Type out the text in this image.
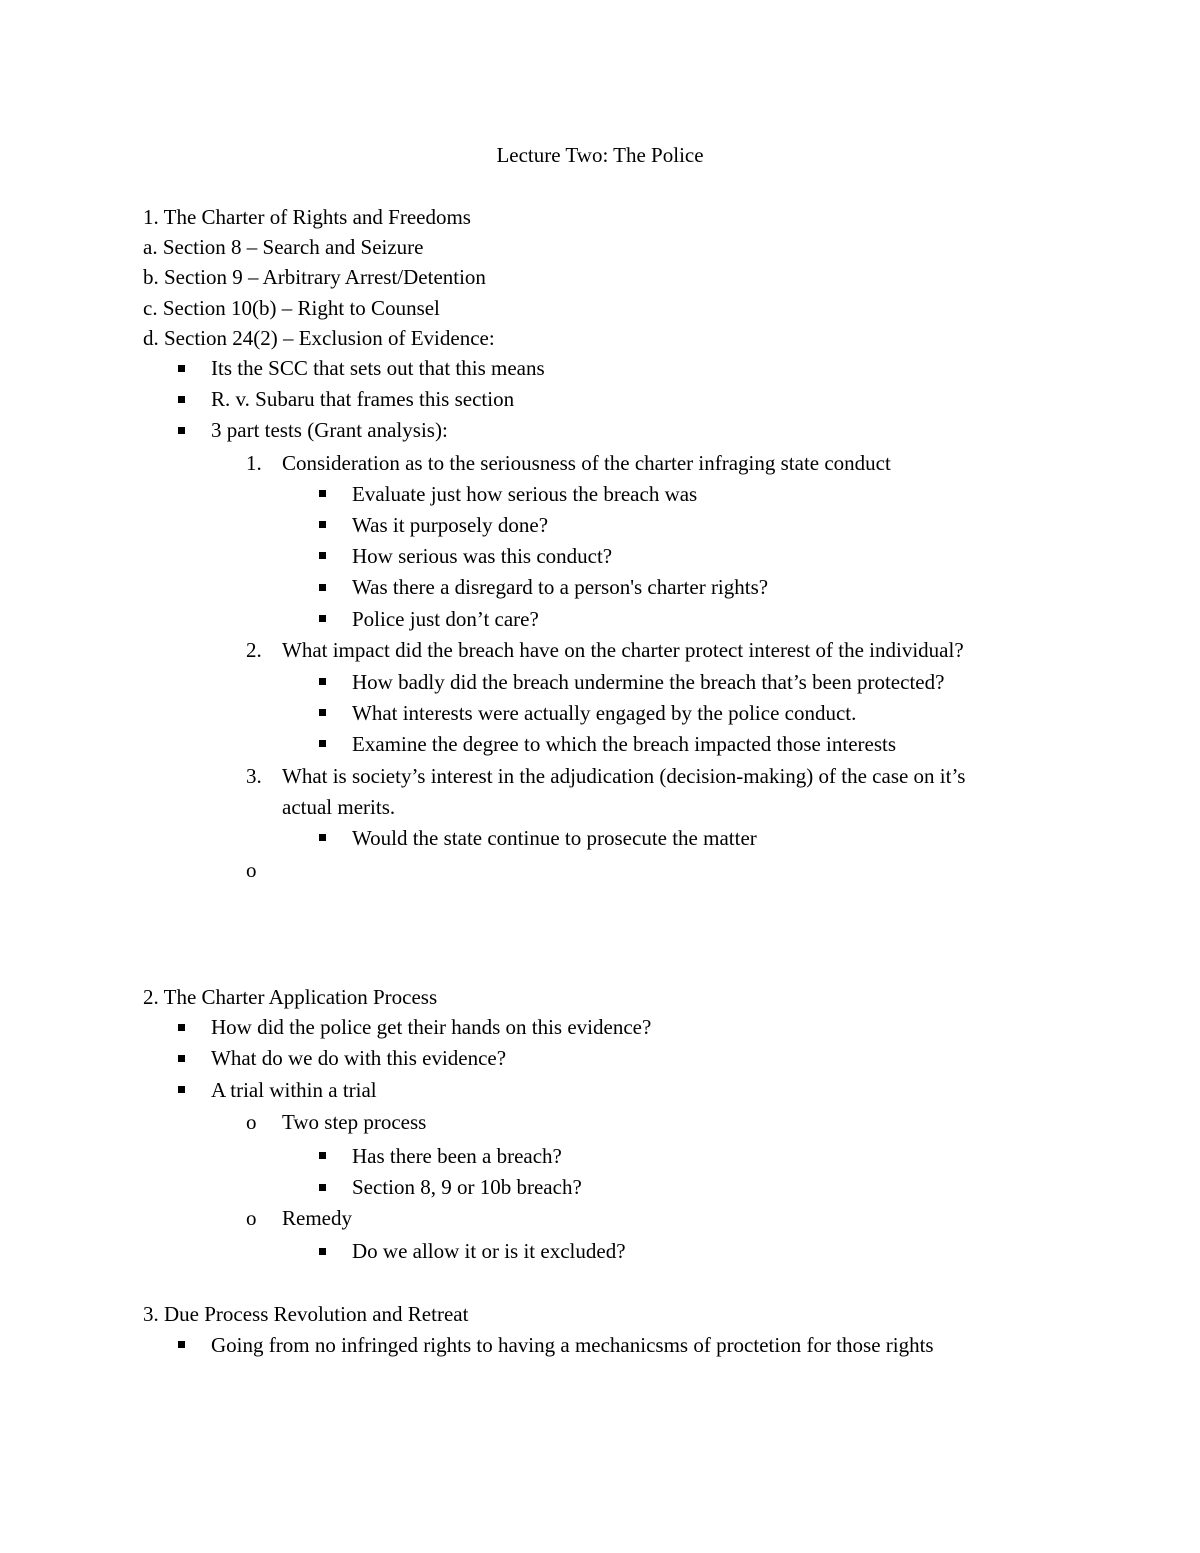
Lecture Two: The Police
1. The Charter of Rights and Freedoms
a. Section 8 – Search and Seizure
b. Section 9 – Arbitrary Arrest/Detention
c. Section 10(b) – Right to Counsel
d. Section 24(2) – Exclusion of Evidence:
Its the SCC that sets out that this means
R. v. Subaru that frames this section
3 part tests (Grant analysis):
1. Consideration as to the seriousness of the charter infraging state conduct
Evaluate just how serious the breach was
Was it purposely done?
How serious was this conduct?
Was there a disregard to a person's charter rights?
Police just don’t care?
2. What impact did the breach have on the charter protect interest of the individual?
How badly did the breach undermine the breach that’s been protected?
What interests were actually engaged by the police conduct.
Examine the degree to which the breach impacted those interests
3. What is society’s interest in the adjudication (decision-making) of the case on it’s
actual merits.
Would the state continue to prosecute the matter
o
2. The Charter Application Process
How did the police get their hands on this evidence?
What do we do with this evidence?
A trial within a trial
o Two step process
Has there been a breach?
Section 8, 9 or 10b breach?
o Remedy
Do we allow it or is it excluded?
3. Due Process Revolution and Retreat
Going from no infringed rights to having a mechanicsms of proctetion for those rights
